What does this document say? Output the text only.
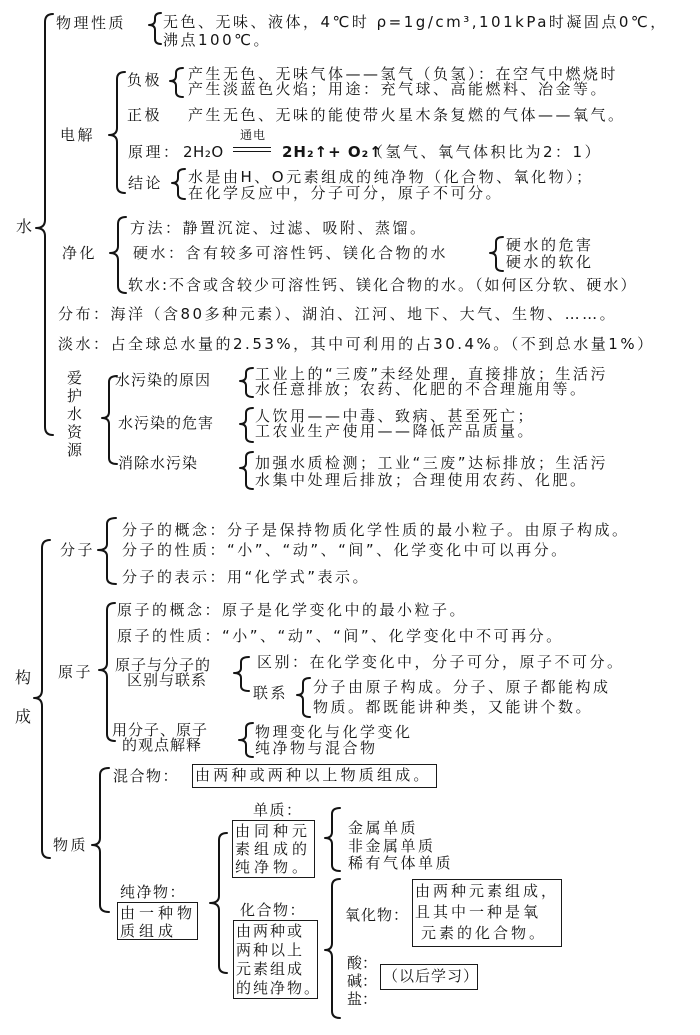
水
物理性质 无色、无味、液体，4℃时 ρ=1g/cm³,101kPa时凝固点0℃，
沸点100℃。
电解
负极 产生无色、无味气体——氢气（负氢）：在空气中燃烧时
产生淡蓝色火焰；用途：充气球、高能燃料、冶金等。
正极 产生无色、无味的能使带火星木条复燃的气体——氧气。
原理： 2H₂O
通电
2H₂↑+ O₂↑
（氢气、氧气体积比为2：1）
结论 水是由H、O元素组成的纯净物（化合物、氧化物）；
在化学反应中，分子可分，原子不可分。
净化
方法：静置沉淀、过滤、吸附、蒸馏。
硬水：含有较多可溶性钙、镁化合物的水	硬水的危害
硬水的软化
软水:不含或含较少可溶性钙、镁化合物的水。（如何区分软、硬水）
分布：海洋（含80多种元素）、湖泊、江河、地下、大气、生物、……。
淡水：占全球总水量的2.53%，其中可利用的占30.4%。（不到总水量1%）
爱
护
水
资
源
水污染的原因	工业上的“三废”未经处理，直接排放；生活污
水任意排放；农药、化肥的不合理施用等。
水污染的危害	人饮用——中毒、致病、甚至死亡；
工农业生产使用——降低产品质量。
消除水污染	加强水质检测；工业“三废”达标排放；生活污
水集中处理后排放；合理使用农药、化肥。
构
成
分子
分子的概念：分子是保持物质化学性质的最小粒子。由原子构成。
分子的性质：“小”、“动”、“间”、化学变化中可以再分。
分子的表示：用“化学式”表示。
原子
原子的概念：原子是化学变化中的最小粒子。
原子的性质：“小”、“动”、“间”、化学变化中不可再分。
原子与分子的
区别与联系
区别：在化学变化中，分子可分，原子不可分。
联系 分子由原子构成。分子、原子都能构成
物质。都既能讲种类，又能讲个数。
用分子、原子
的观点解释
物理变化与化学变化
纯净物与混合物
物质
混合物： 由两种或两种以上物质组成。
单质：
由同种元
素组成的
纯净物。
金属单质
非金属单质
稀有气体单质
纯净物：
由一种物
质组成
化合物：
由两种或
两种以上
元素组成
的纯净物。
氧化物：
由两种元素组成，
且其中一种是氧
元素的化合物。
酸：
碱：
盐：
（以后学习）
